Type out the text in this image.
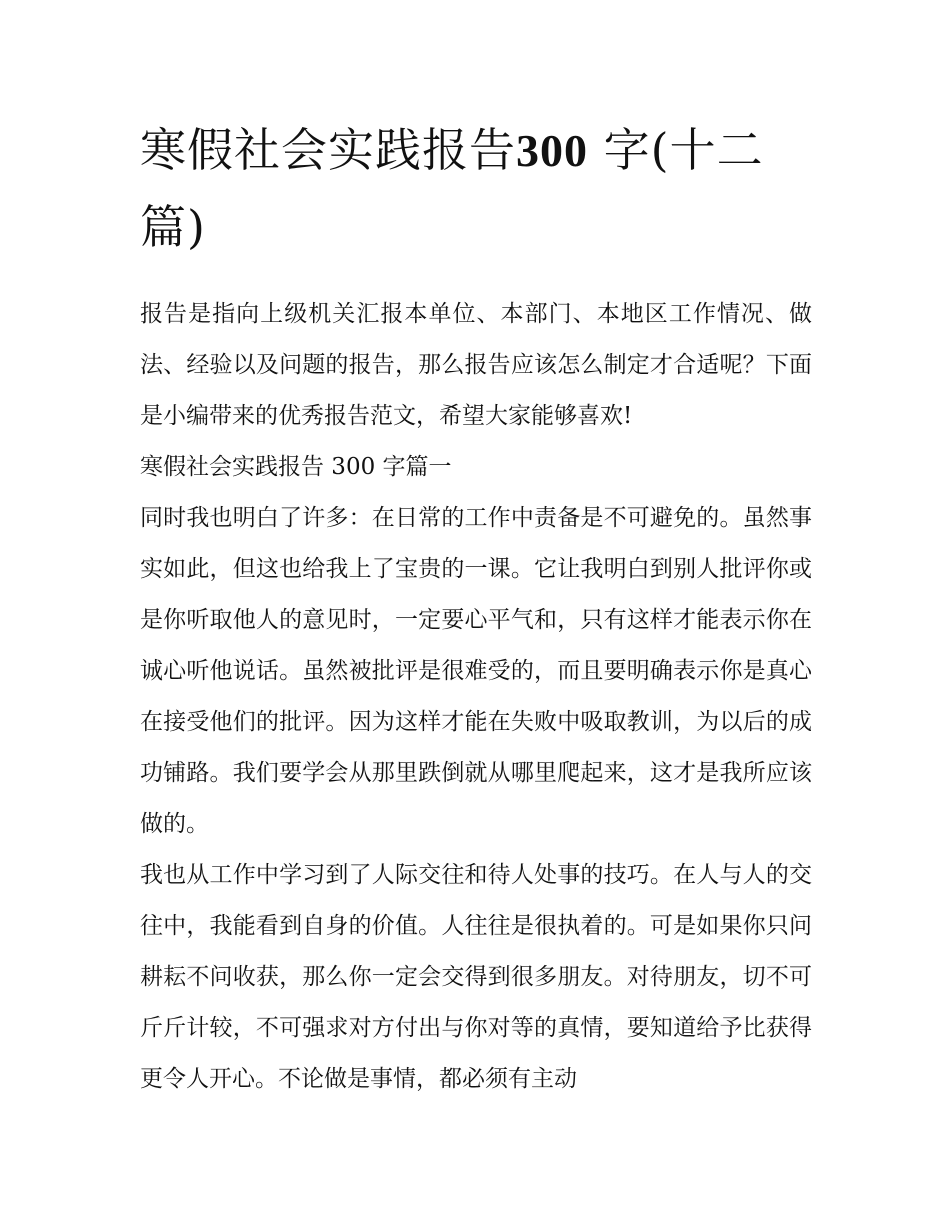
寒假社会实践报告300 字(十二篇)

报告是指向上级机关汇报本单位、本部门、本地区工作情况、做法、经验以及问题的报告，那么报告应该怎么制定才合适呢？下面是小编带来的优秀报告范文，希望大家能够喜欢!

寒假社会实践报告 300 字篇一

同时我也明白了许多：在日常的工作中责备是不可避免的。虽然事实如此，但这也给我上了宝贵的一课。它让我明白到别人批评你或是你听取他人的意见时，一定要心平气和，只有这样才能表示你在诚心听他说话。虽然被批评是很难受的，而且要明确表示你是真心在接受他们的批评。因为这样才能在失败中吸取教训，为以后的成功铺路。我们要学会从那里跌倒就从哪里爬起来，这才是我所应该做的。

我也从工作中学习到了人际交往和待人处事的技巧。在人与人的交往中，我能看到自身的价值。人往往是很执着的。可是如果你只问耕耘不问收获，那么你一定会交得到很多朋友。对待朋友，切不可斤斤计较，不可强求对方付出与你对等的真情，要知道给予比获得更令人开心。不论做是事情，都必须有主动
